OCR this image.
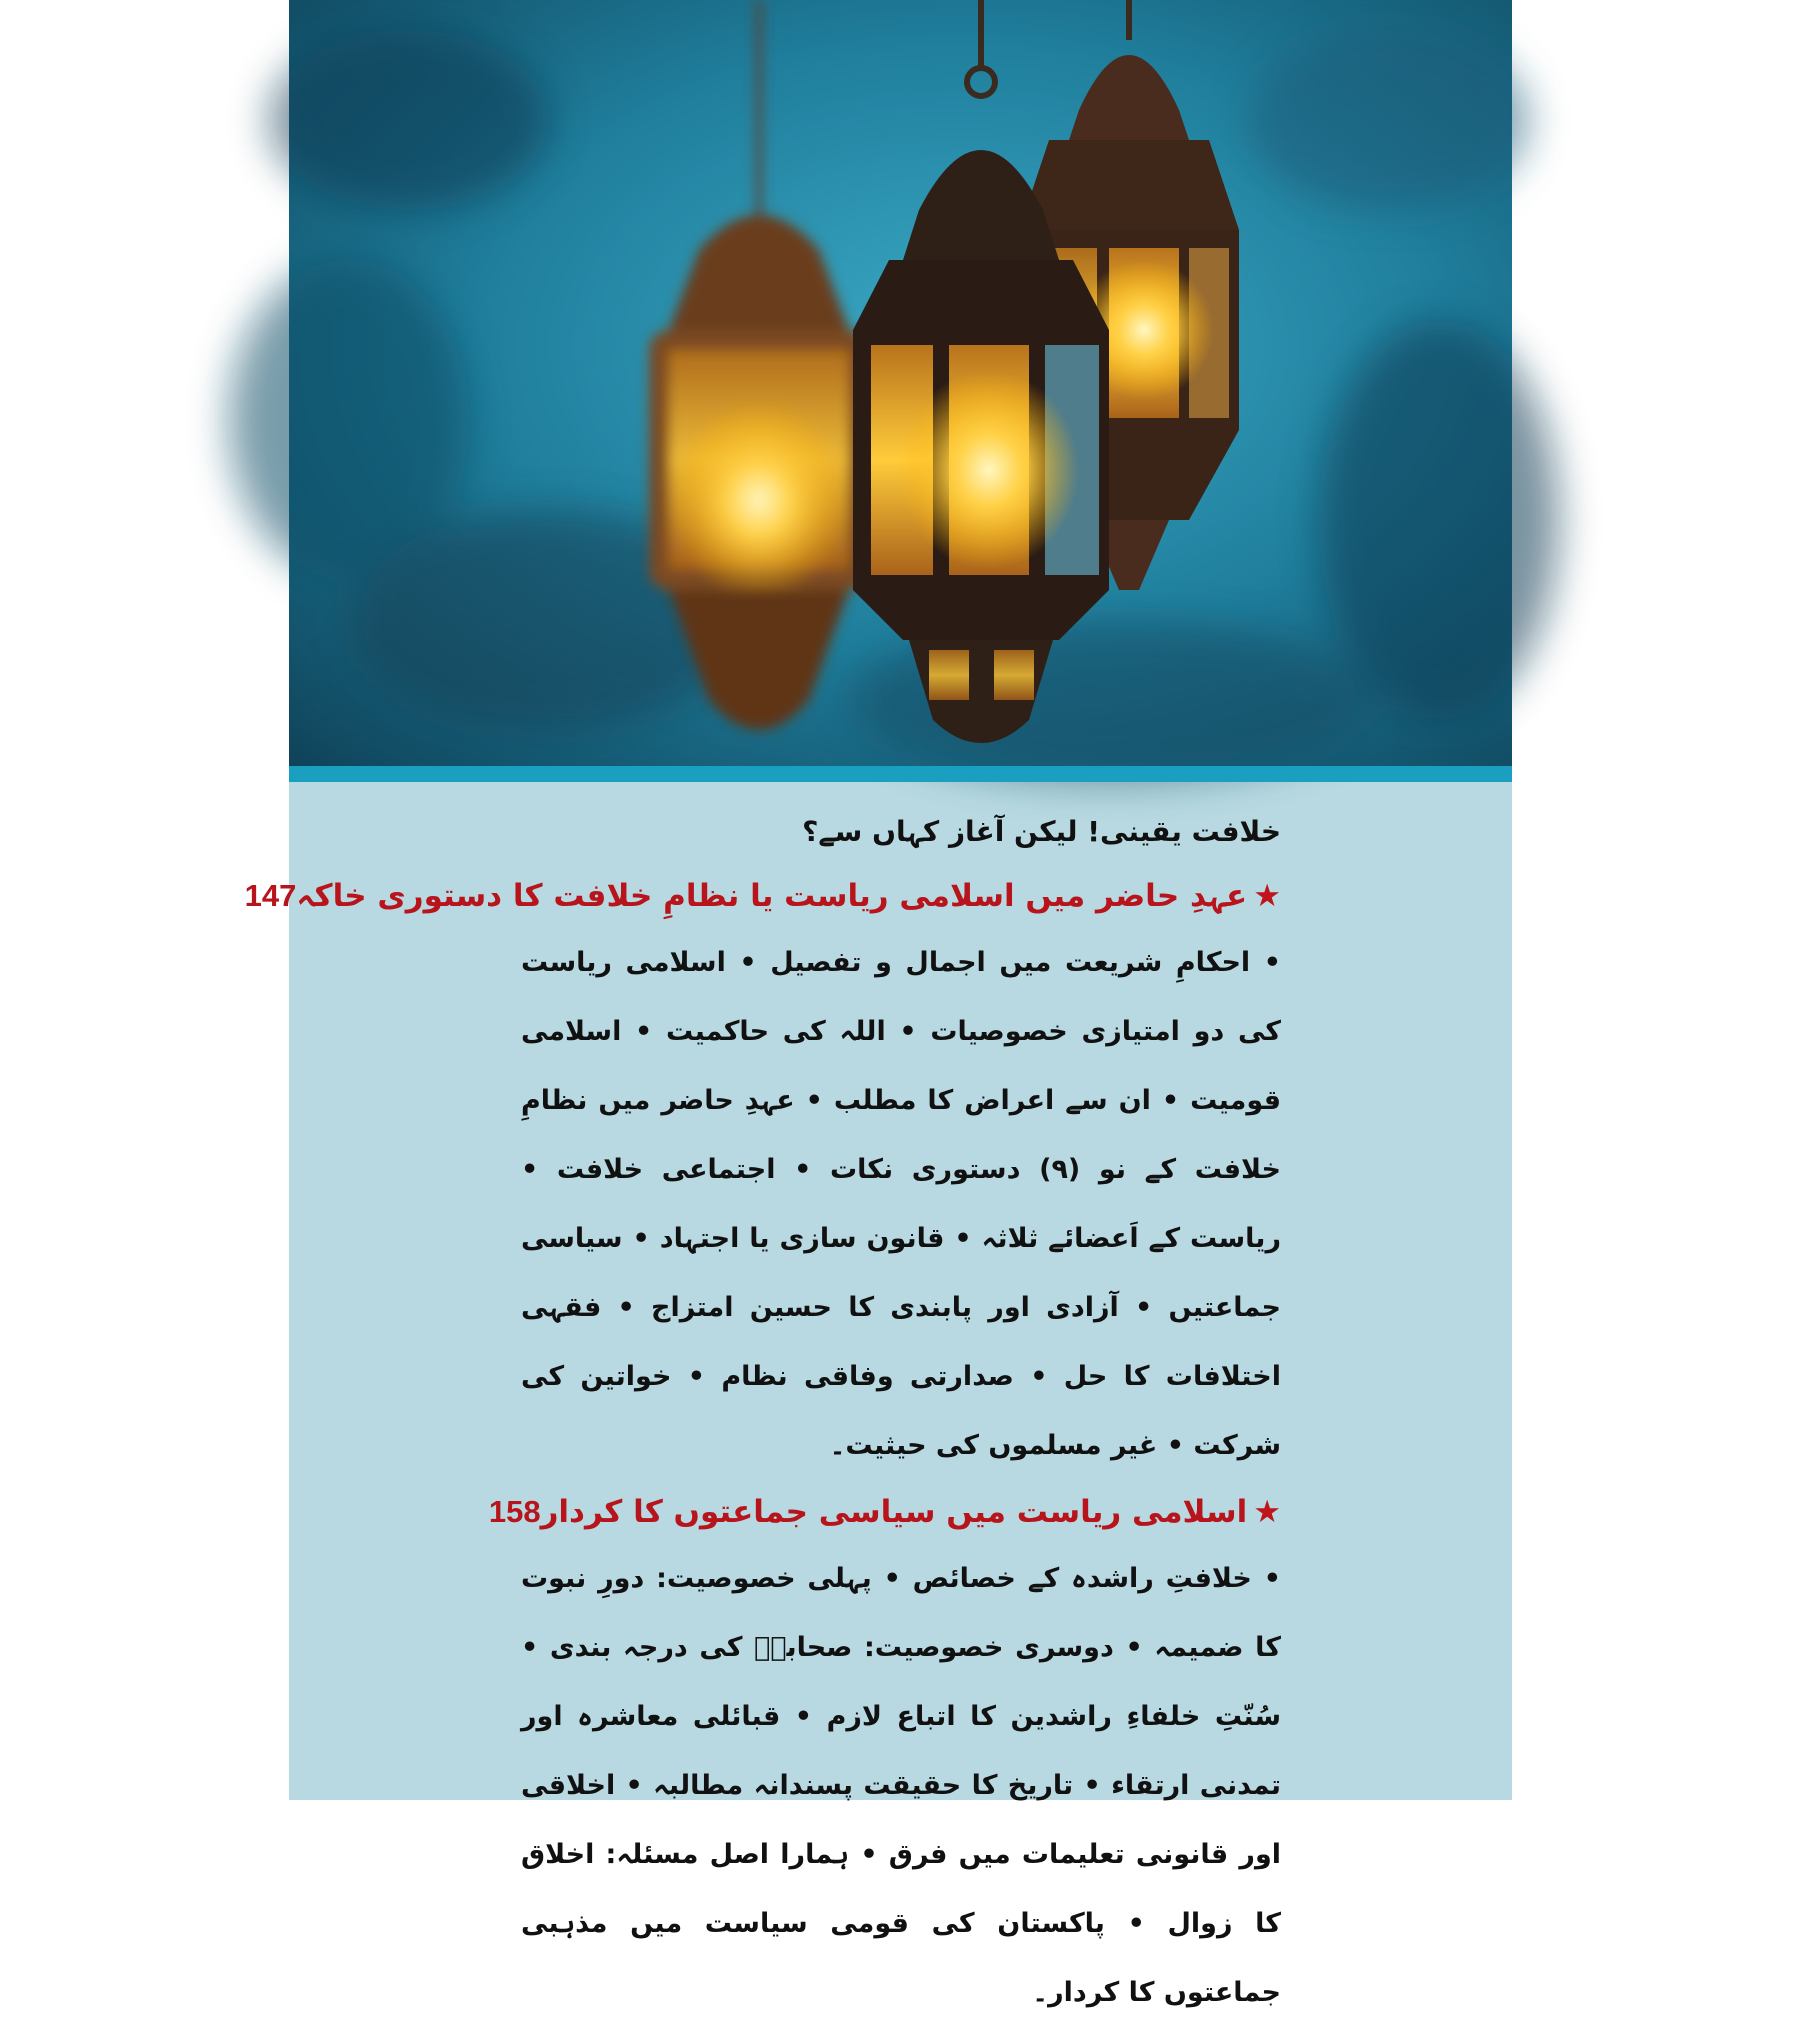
خلافت یقینی! لیکن آغاز کہاں سے؟
★عہدِ حاضر میں اسلامی ریاست یا نظامِ خلافت کا دستوری خاکہ
147

• احکامِ شریعت میں اجمال و تفصیل • اسلامی ریاست کی دو امتیازی خصوصیات • اللہ کی حاکمیت • اسلامی قومیت • ان سے اعراض کا مطلب • عہدِ حاضر میں نظامِ خلافت کے نو (۹) دستوری نکات • اجتماعی خلافت • ریاست کے اَعضائے ثلاثہ • قانون سازی یا اجتہاد • سیاسی جماعتیں • آزادی اور پابندی کا حسین امتزاج • فقہی اختلافات کا حل • صدارتی وفاقی نظام • خواتین کی شرکت • غیر مسلموں کی حیثیت۔

★اسلامی ریاست میں سیاسی جماعتوں کا کردار
158

• خلافتِ راشدہ کے خصائص • پہلی خصوصیت: دورِ نبوت کا ضمیمہ • دوسری خصوصیت: صحابہؓ کی درجہ بندی • سُنّتِ خلفاءِ راشدین کا اتباع لازم • قبائلی معاشرہ اور تمدنی ارتقاء • تاریخ کا حقیقت پسندانہ مطالبہ • اخلاقی اور قانونی تعلیمات میں فرق • ہمارا اصل مسئلہ: اخلاق کا زوال • پاکستان کی قومی سیاست میں مذہبی جماعتوں کا کردار۔
